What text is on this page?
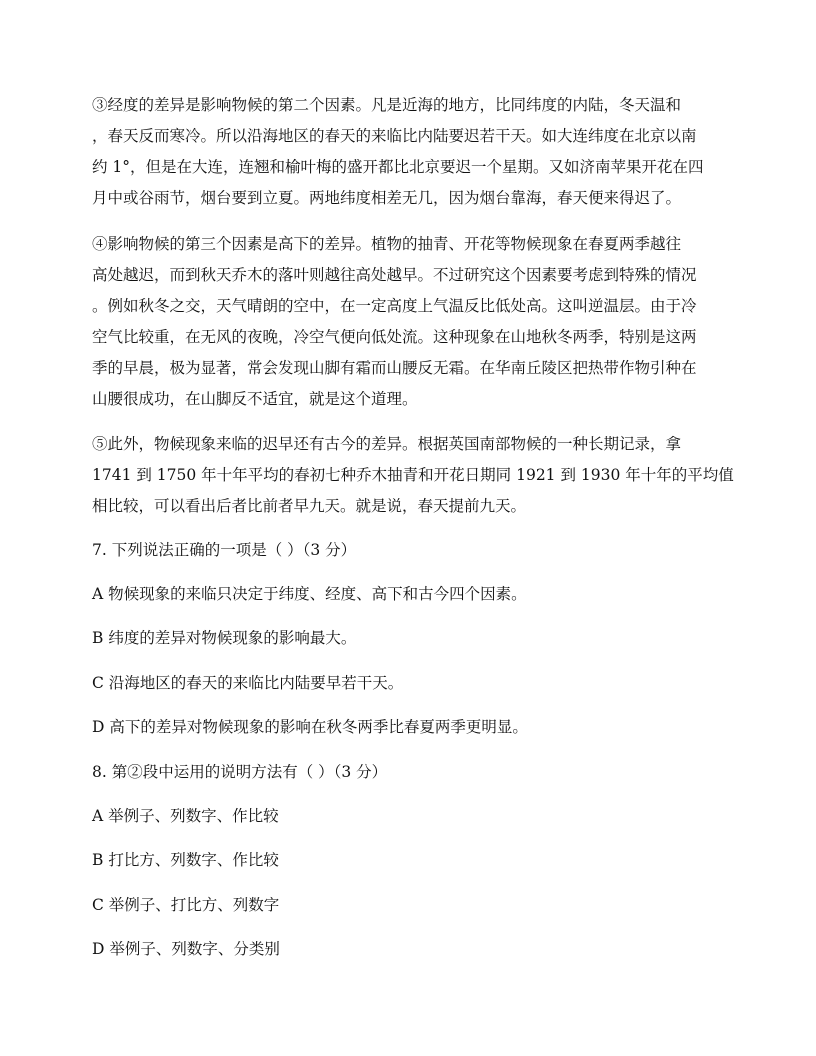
③经度的差异是影响物候的第二个因素。凡是近海的地方，比同纬度的内陆，冬天温和
，春天反而寒冷。所以沿海地区的春天的来临比内陆要迟若干天。如大连纬度在北京以南
约 1°，但是在大连，连翘和榆叶梅的盛开都比北京要迟一个星期。又如济南苹果开花在四
月中或谷雨节，烟台要到立夏。两地纬度相差无几，因为烟台靠海，春天便来得迟了。
④影响物候的第三个因素是高下的差异。植物的抽青、开花等物候现象在春夏两季越往
高处越迟，而到秋天乔木的落叶则越往高处越早。不过研究这个因素要考虑到特殊的情况
。例如秋冬之交，天气晴朗的空中，在一定高度上气温反比低处高。这叫逆温层。由于冷
空气比较重，在无风的夜晚，冷空气便向低处流。这种现象在山地秋冬两季，特别是这两
季的早晨，极为显著，常会发现山脚有霜而山腰反无霜。在华南丘陵区把热带作物引种在
山腰很成功，在山脚反不适宜，就是这个道理。
⑤此外，物候现象来临的迟早还有古今的差异。根据英国南部物候的一种长期记录，拿
1741 到 1750 年十年平均的春初七种乔木抽青和开花日期同 1921 到 1930 年十年的平均值
相比较，可以看出后者比前者早九天。就是说，春天提前九天。

7. 下列说法正确的一项是（ ）（3 分）

A 物候现象的来临只决定于纬度、经度、高下和古今四个因素。

B 纬度的差异对物候现象的影响最大。

C 沿海地区的春天的来临比内陆要早若干天。

D 高下的差异对物候现象的影响在秋冬两季比春夏两季更明显。

8. 第②段中运用的说明方法有（ ）（3 分）

A 举例子、列数字、作比较

B 打比方、列数字、作比较

C 举例子、打比方、列数字

D 举例子、列数字、分类别
